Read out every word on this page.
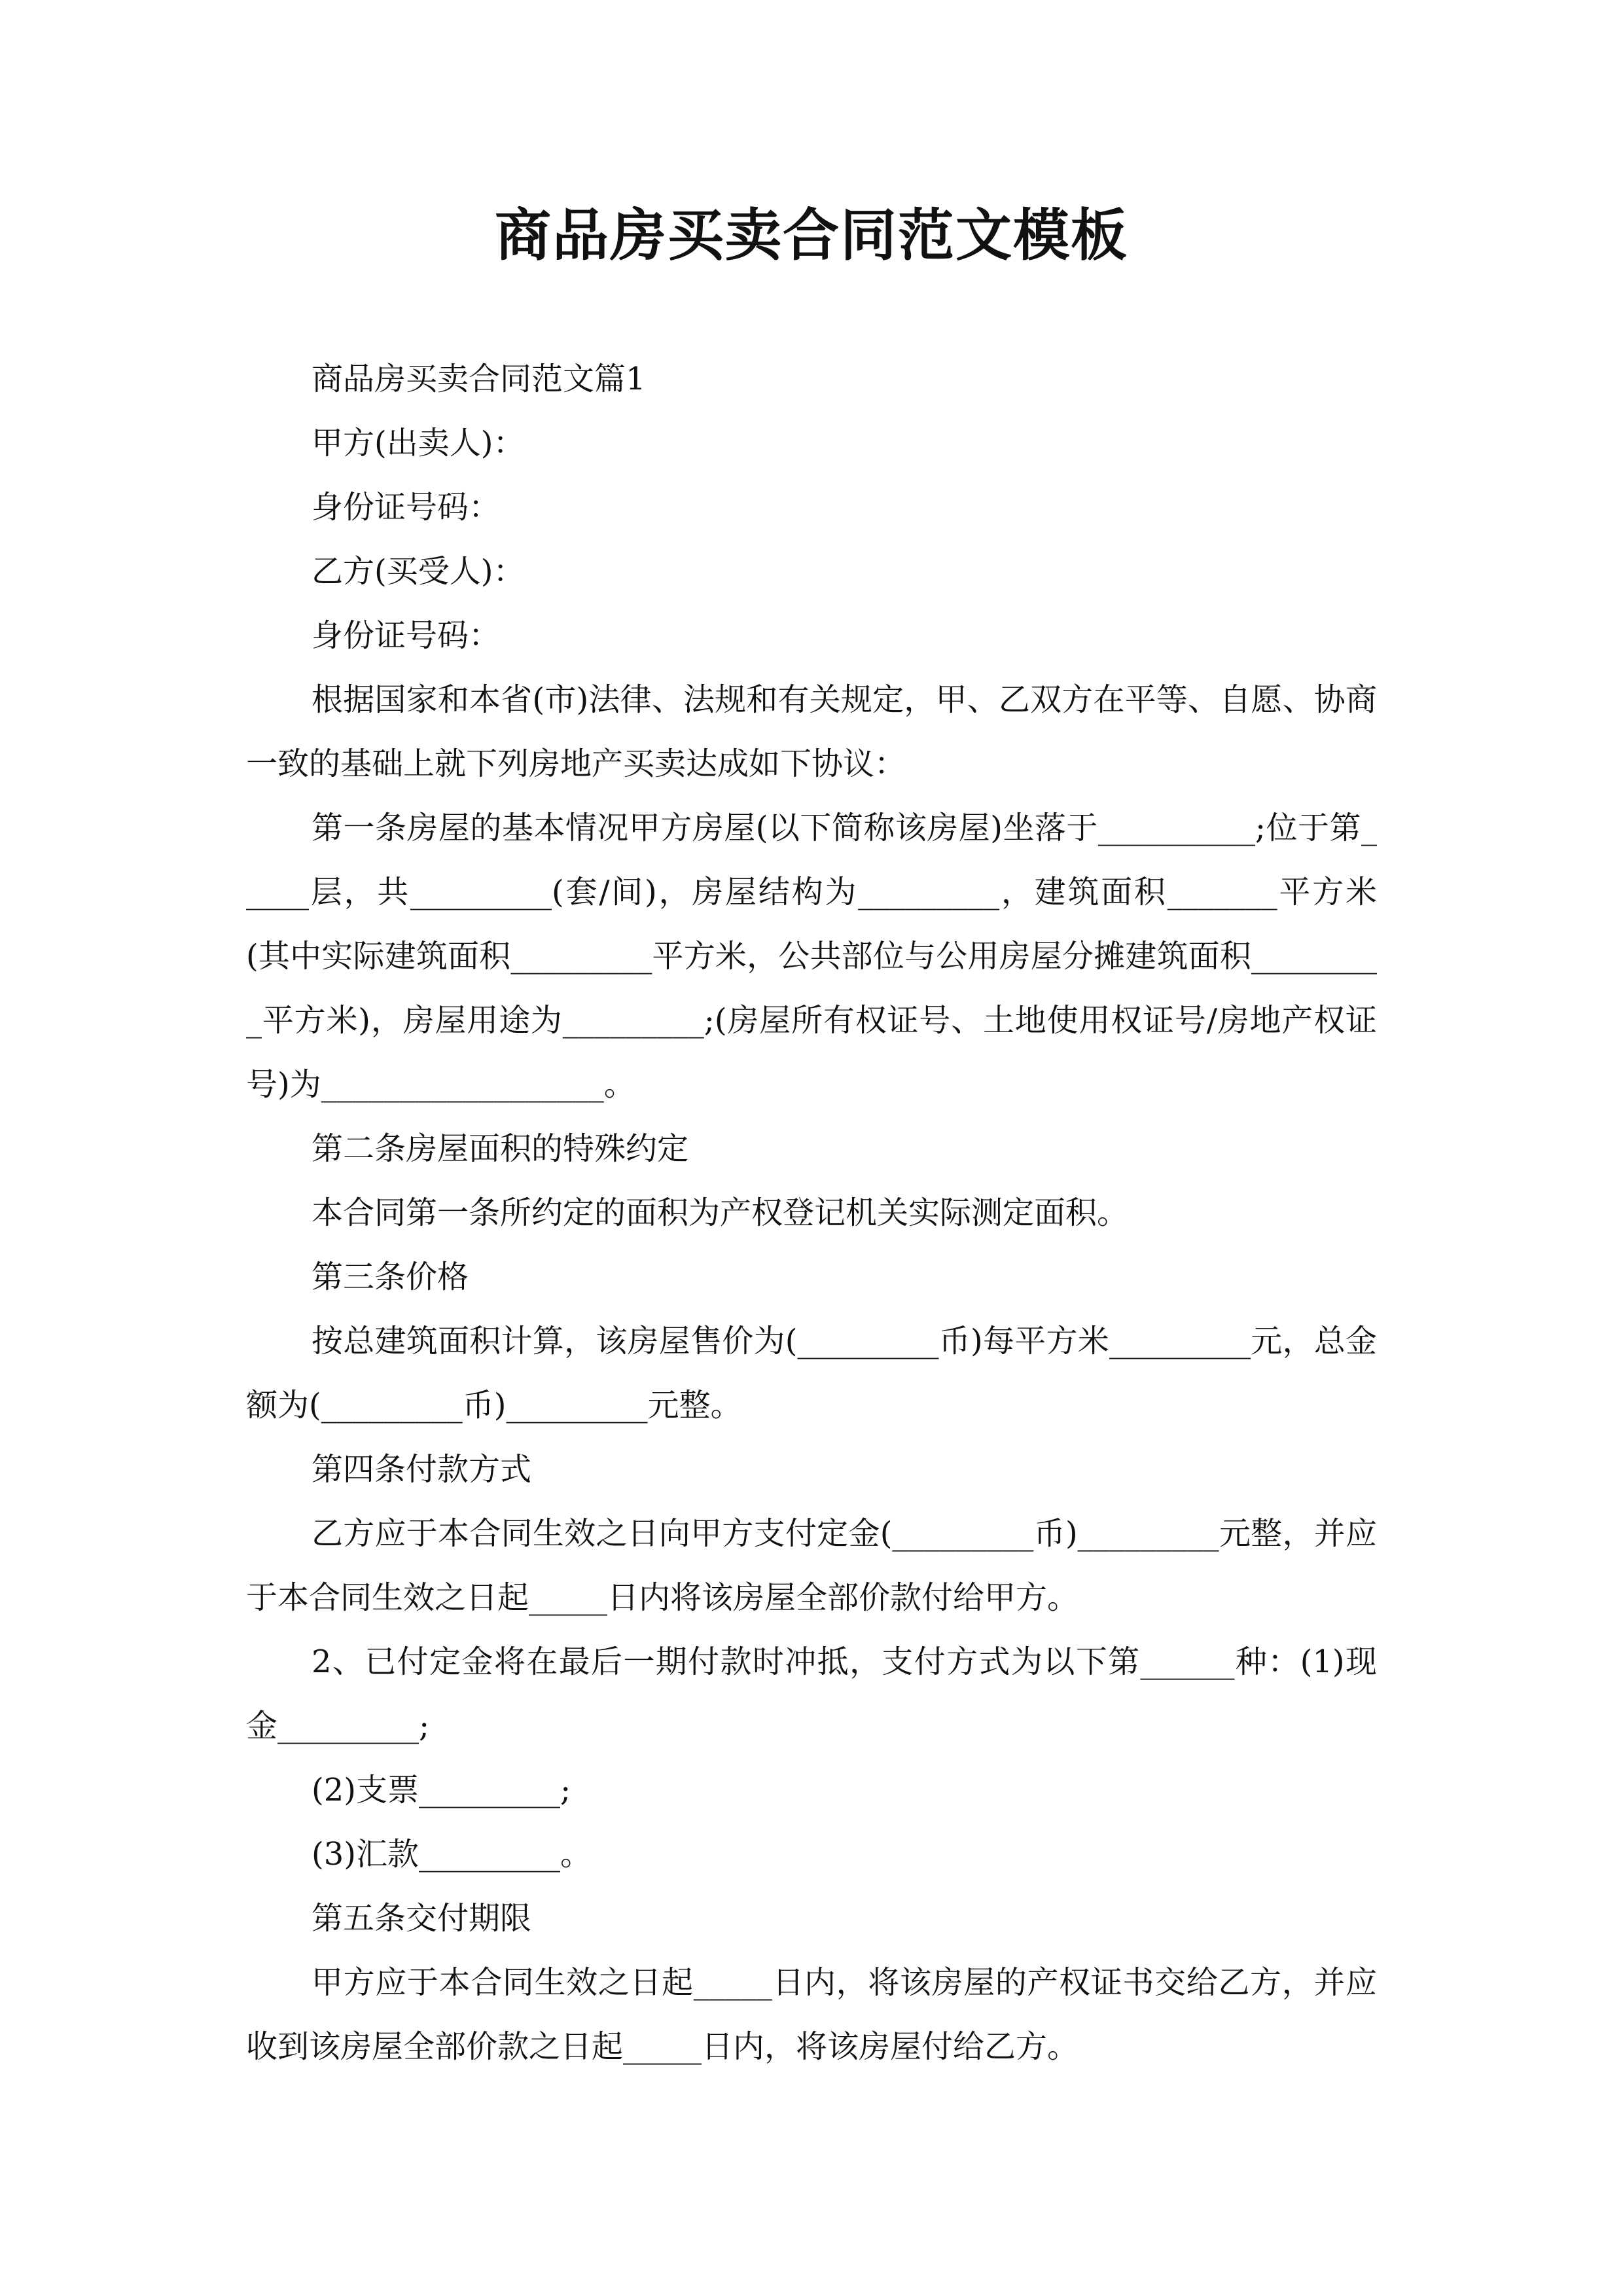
商品房买卖合同范文模板

商品房买卖合同范文篇1

甲方(出卖人)：

身份证号码：

乙方(买受人)：

身份证号码：

根据国家和本省(市)法律、法规和有关规定，甲、乙双方在平等、自愿、协商一致的基础上就下列房地产买卖达成如下协议：

第一条房屋的基本情况甲方房屋(以下简称该房屋)坐落于__________;位于第_____层，共_________(套/间)，房屋结构为_________，建筑面积_______平方米(其中实际建筑面积_________平方米，公共部位与公用房屋分摊建筑面积_________平方米)，房屋用途为_________;(房屋所有权证号、土地使用权证号/房地产权证号)为__________________。

第二条房屋面积的特殊约定

本合同第一条所约定的面积为产权登记机关实际测定面积。

第三条价格

按总建筑面积计算，该房屋售价为(_________币)每平方米_________元，总金额为(_________币)_________元整。

第四条付款方式

乙方应于本合同生效之日向甲方支付定金(_________币)_________元整，并应于本合同生效之日起_____日内将该房屋全部价款付给甲方。

2、已付定金将在最后一期付款时冲抵，支付方式为以下第______种：(1)现金_________;

(2)支票_________;

(3)汇款_________。

第五条交付期限

甲方应于本合同生效之日起_____日内，将该房屋的产权证书交给乙方，并应收到该房屋全部价款之日起_____日内，将该房屋付给乙方。
